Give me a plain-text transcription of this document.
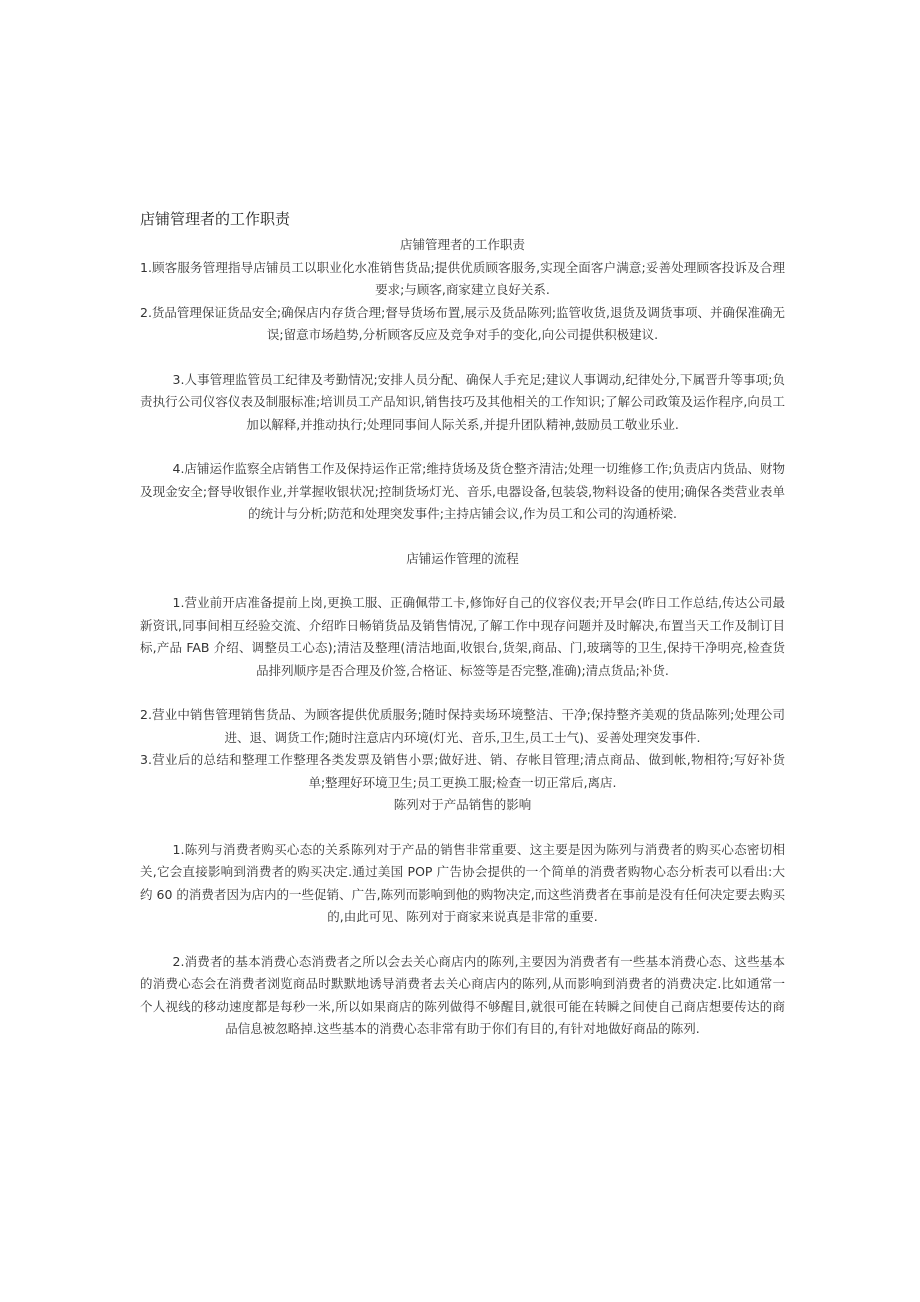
店铺管理者的工作职责
店铺管理者的工作职责

1.顾客服务管理指导店铺员工以职业化水准销售货品;提供优质顾客服务,实现全面客户满意;妥善处理顾客投诉及合理要求;与顾客,商家建立良好关系.

2.货品管理保证货品安全;确保店内存货合理;督导货场布置,展示及货品陈列;监管收货,退货及调货事项、并确保准确无误;留意市场趋势,分析顾客反应及竞争对手的变化,向公司提供积极建议.

3.人事管理监管员工纪律及考勤情况;安排人员分配、确保人手充足;建议人事调动,纪律处分,下属晋升等事项;负责执行公司仪容仪表及制服标准;培训员工产品知识,销售技巧及其他相关的工作知识;了解公司政策及运作程序,向员工加以解释,并推动执行;处理同事间人际关系,并提升团队精神,鼓励员工敬业乐业.

4.店铺运作监察全店销售工作及保持运作正常;维持货场及货仓整齐清洁;处理一切维修工作;负责店内货品、财物及现金安全;督导收银作业,并掌握收银状况;控制货场灯光、音乐,电器设备,包装袋,物料设备的使用;确保各类营业表单的统计与分析;防范和处理突发事件;主持店铺会议,作为员工和公司的沟通桥梁.

店铺运作管理的流程

1.营业前开店准备提前上岗,更换工服、正确佩带工卡,修饰好自己的仪容仪表;开早会(昨日工作总结,传达公司最新资讯,同事间相互经验交流、介绍昨日畅销货品及销售情况,了解工作中现存问题并及时解决,布置当天工作及制订目标,产品 FAB 介绍、调整员工心态);清洁及整理(清洁地面,收银台,货架,商品、门,玻璃等的卫生,保持干净明亮,检查货品排列顺序是否合理及价签,合格证、标签等是否完整,准确);清点货品;补货.

2.营业中销售管理销售货品、为顾客提供优质服务;随时保持卖场环境整洁、干净;保持整齐美观的货品陈列;处理公司进、退、调货工作;随时注意店内环境(灯光、音乐,卫生,员工士气)、妥善处理突发事件.

3.营业后的总结和整理工作整理各类发票及销售小票;做好进、销、存帐目管理;清点商品、做到帐,物相符;写好补货单;整理好环境卫生;员工更换工服;检查一切正常后,离店.

陈列对于产品销售的影响

1.陈列与消费者购买心态的关系陈列对于产品的销售非常重要、这主要是因为陈列与消费者的购买心态密切相关,它会直接影响到消费者的购买决定.通过美国 POP 广告协会提供的一个简单的消费者购物心态分析表可以看出:大约 60 的消费者因为店内的一些促销、广告,陈列而影响到他的购物决定,而这些消费者在事前是没有任何决定要去购买的,由此可见、陈列对于商家来说真是非常的重要.

2.消费者的基本消费心态消费者之所以会去关心商店内的陈列,主要因为消费者有一些基本消费心态、这些基本的消费心态会在消费者浏览商品时默默地诱导消费者去关心商店内的陈列,从而影响到消费者的消费决定.比如通常一个人视线的移动速度都是每秒一米,所以如果商店的陈列做得不够醒目,就很可能在转瞬之间使自己商店想要传达的商品信息被忽略掉.这些基本的消费心态非常有助于你们有目的,有针对地做好商品的陈列.
